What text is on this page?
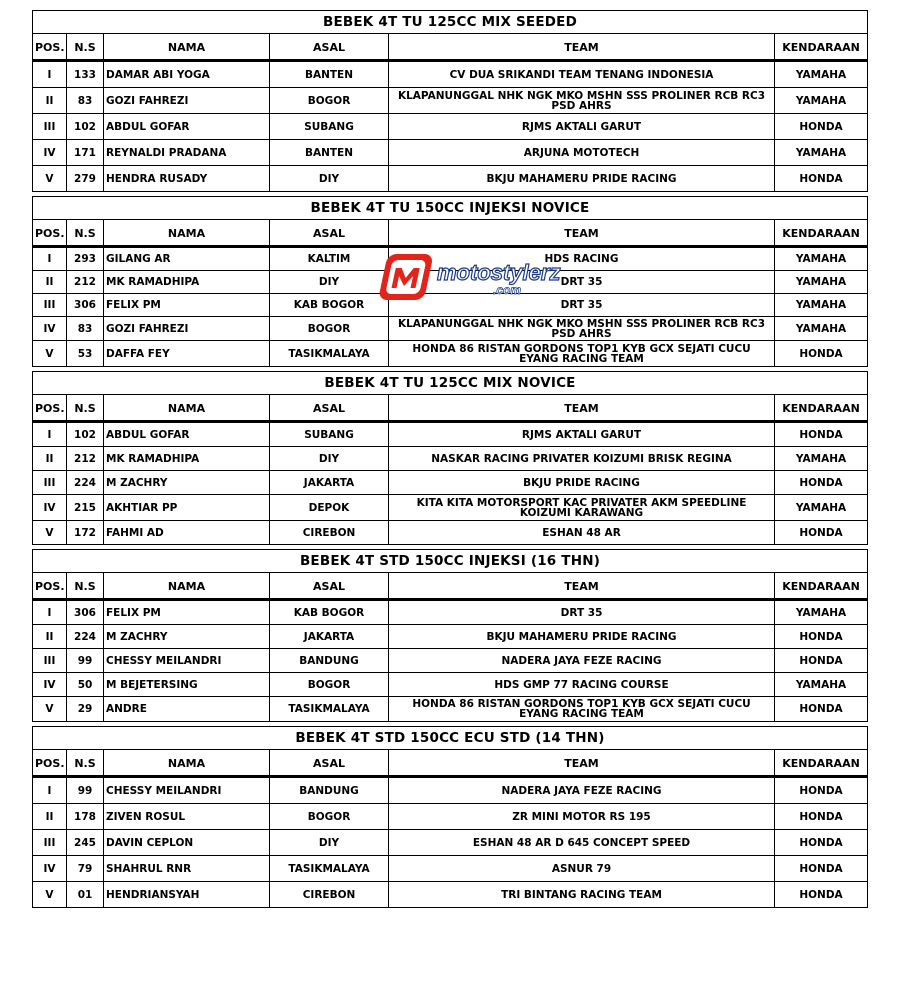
BEBEK 4T TU 125CC MIX SEEDED					
POS.	N.S	NAMA	ASAL	TEAM	KENDARAAN
I	133	DAMAR ABI YOGA	BANTEN	CV DUA SRIKANDI TEAM TENANG INDONESIA	YAMAHA
II	83	GOZI FAHREZI	BOGOR	KLAPANUNGGAL NHK NGK MKO MSHN SSS PROLINER RCB RC3 PSD AHRS	YAMAHA
III	102	ABDUL GOFAR	SUBANG	RJMS AKTALI GARUT	HONDA
IV	171	REYNALDI PRADANA	BANTEN	ARJUNA MOTOTECH	YAMAHA
V	279	HENDRA RUSADY	DIY	BKJU MAHAMERU PRIDE RACING	HONDA

BEBEK 4T TU 150CC INJEKSI NOVICE					
POS.	N.S	NAMA	ASAL	TEAM	KENDARAAN
I	293	GILANG AR	KALTIM	HDS RACING	YAMAHA
II	212	MK RAMADHIPA	DIY	DRT 35	YAMAHA
III	306	FELIX PM	KAB BOGOR	DRT 35	YAMAHA
IV	83	GOZI FAHREZI	BOGOR	KLAPANUNGGAL NHK NGK MKO MSHN SSS PROLINER RCB RC3 PSD AHRS	YAMAHA
V	53	DAFFA FEY	TASIKMALAYA	HONDA 86 RISTAN GORDONS TOP1 KYB GCX SEJATI CUCU EYANG RACING TEAM	HONDA

BEBEK 4T TU 125CC MIX NOVICE					
POS.	N.S	NAMA	ASAL	TEAM	KENDARAAN
I	102	ABDUL GOFAR	SUBANG	RJMS AKTALI GARUT	HONDA
II	212	MK RAMADHIPA	DIY	NASKAR RACING PRIVATER KOIZUMI BRISK REGINA	YAMAHA
III	224	M ZACHRY	JAKARTA	BKJU PRIDE RACING	HONDA
IV	215	AKHTIAR PP	DEPOK	KITA KITA MOTORSPORT KAC PRIVATER AKM SPEEDLINE KOIZUMI KARAWANG	YAMAHA
V	172	FAHMI AD	CIREBON	ESHAN 48 AR	HONDA

BEBEK 4T STD 150CC INJEKSI (16 THN)					
POS.	N.S	NAMA	ASAL	TEAM	KENDARAAN
I	306	FELIX PM	KAB BOGOR	DRT 35	YAMAHA
II	224	M ZACHRY	JAKARTA	BKJU MAHAMERU PRIDE RACING	HONDA
III	99	CHESSY MEILANDRI	BANDUNG	NADERA JAYA FEZE RACING	HONDA
IV	50	M BEJETERSING	BOGOR	HDS GMP 77 RACING COURSE	YAMAHA
V	29	ANDRE	TASIKMALAYA	HONDA 86 RISTAN GORDONS TOP1 KYB GCX SEJATI CUCU EYANG RACING TEAM	HONDA

BEBEK 4T STD 150CC ECU STD (14 THN)					
POS.	N.S	NAMA	ASAL	TEAM	KENDARAAN
I	99	CHESSY MEILANDRI	BANDUNG	NADERA JAYA FEZE RACING	HONDA
II	178	ZIVEN ROSUL	BOGOR	ZR MINI MOTOR RS 195	HONDA
III	245	DAVIN CEPLON	DIY	ESHAN 48 AR D 645 CONCEPT SPEED	HONDA
IV	79	SHAHRUL RNR	TASIKMALAYA	ASNUR 79	HONDA
V	01	HENDRIANSYAH	CIREBON	TRI BINTANG RACING TEAM	HONDA
motostylerz
.com
